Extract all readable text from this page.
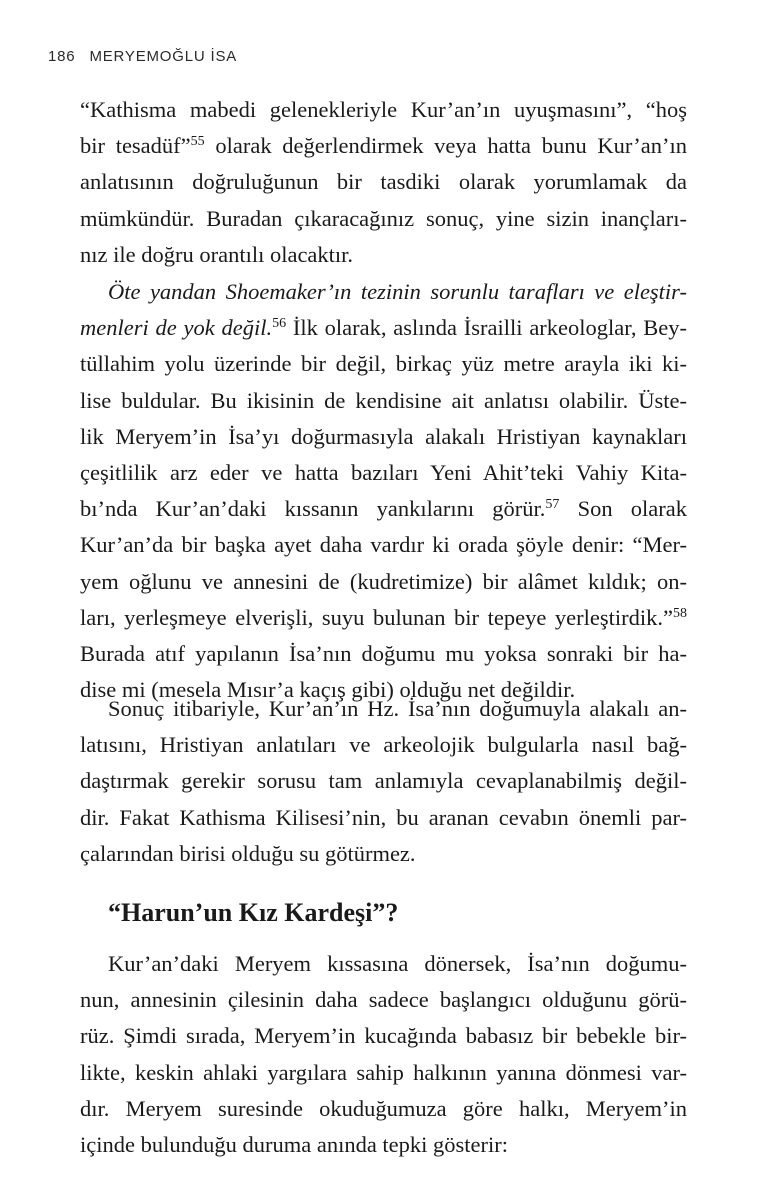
186 MERYEMOĞLU İSA
“Kathisma mabedi gelenekleriyle Kur’an’ın uyuşmasını”, “hoş
bir tesadüf”$^{55}$ olarak değerlendirmek veya hatta bunu Kur’an’ın
anlatısının doğruluğunun bir tasdiki olarak yorumlamak da
mümkündür. Buradan çıkaracağınız sonuç, yine sizin inançları-
nız ile doğru orantılı olacaktır.
Öte yandan Shoemaker’ın tezinin sorunlu tarafları ve eleştir-
menleri de yok değil.$^{56}$ İlk olarak, aslında İsrailli arkeologlar, Bey-
tüllahim yolu üzerinde bir değil, birkaç yüz metre arayla iki ki-
lise buldular. Bu ikisinin de kendisine ait anlatısı olabilir. Üste-
lik Meryem’in İsa’yı doğurmasıyla alakalı Hristiyan kaynakları
çeşitlilik arz eder ve hatta bazıları Yeni Ahit’teki Vahiy Kita-
bı’nda Kur’an’daki kıssanın yankılarını görür.$^{57}$ Son olarak
Kur’an’da bir başka ayet daha vardır ki orada şöyle denir: “Mer-
yem oğlunu ve annesini de (kudretimize) bir alâmet kıldık; on-
ları, yerleşmeye elverişli, suyu bulunan bir tepeye yerleştirdik.”$^{58}$
Burada atıf yapılanın İsa’nın doğumu mu yoksa sonraki bir ha-
dise mi (mesela Mısır’a kaçış gibi) olduğu net değildir.
Sonuç itibariyle, Kur’an’ın Hz. İsa’nın doğumuyla alakalı an-
latısını, Hristiyan anlatıları ve arkeolojik bulgularla nasıl bağ-
daştırmak gerekir sorusu tam anlamıyla cevaplanabilmiş değil-
dir. Fakat Kathisma Kilisesi’nin, bu aranan cevabın önemli par-
çalarından birisi olduğu su götürmez.
“Harun’un Kız Kardeşi”?
Kur’an’daki Meryem kıssasına dönersek, İsa’nın doğumu-
nun, annesinin çilesinin daha sadece başlangıcı olduğunu görü-
rüz. Şimdi sırada, Meryem’in kucağında babasız bir bebekle bir-
likte, keskin ahlaki yargılara sahip halkının yanına dönmesi var-
dır. Meryem suresinde okuduğumuza göre halkı, Meryem’in
içinde bulunduğu duruma anında tepki gösterir:
